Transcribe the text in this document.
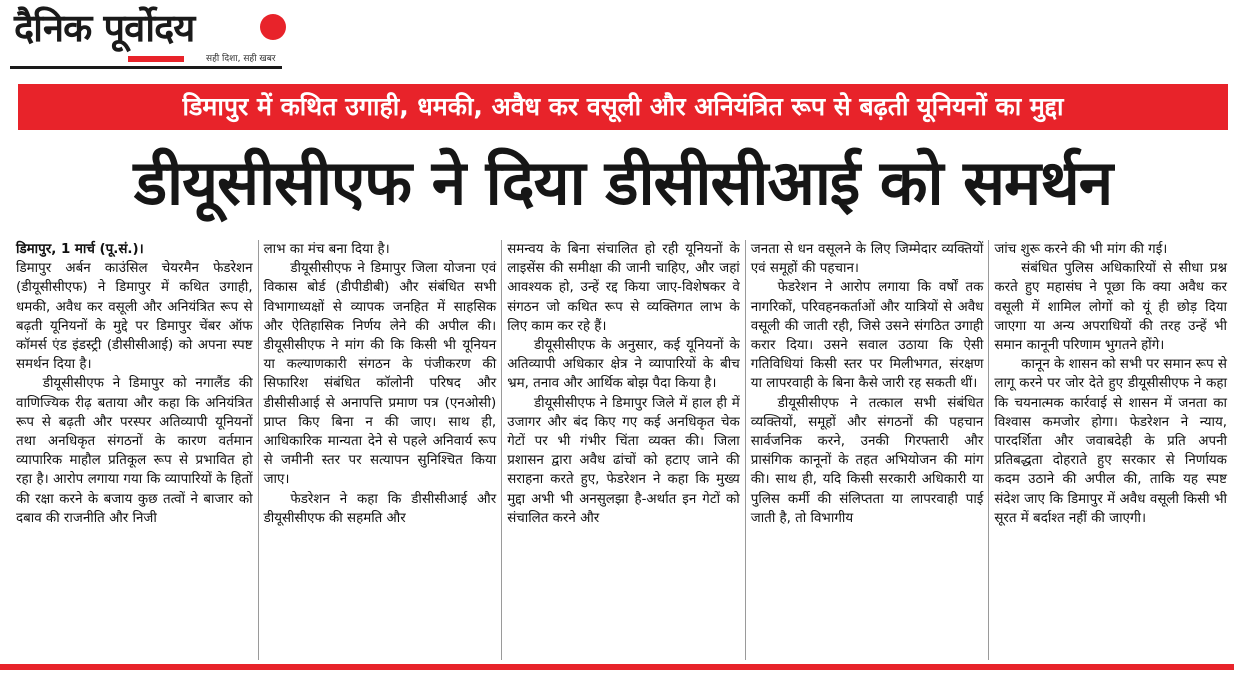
दैनिक पूर्वोदय
सही दिशा, सही खबर
डिमापुर में कथित उगाही, धमकी, अवैध कर वसूली और अनियंत्रित रूप से बढ़ती यूनियनों का मुद्दा
डीयूसीसीएफ ने दिया डीसीसीआई को समर्थन

डिमापुर, 1 मार्च (पू.सं.)।

डिमापुर अर्बन काउंसिल चेयरमैन फेडरेशन (डीयूसीसीएफ) ने डिमापुर में कथित उगाही, धमकी, अवैध कर वसूली और अनियंत्रित रूप से बढ़ती यूनियनों के मुद्दे पर डिमापुर चेंबर ऑफ कॉमर्स एंड इंडस्ट्री (डीसीसीआई) को अपना स्पष्ट समर्थन दिया है।

डीयूसीसीएफ ने डिमापुर को नगालैंड की वाणिज्यिक रीढ़ बताया और कहा कि अनियंत्रित रूप से बढ़ती और परस्पर अतिव्यापी यूनियनों तथा अनधिकृत संगठनों के कारण वर्तमान व्यापारिक माहौल प्रतिकूल रूप से प्रभावित हो रहा है। आरोप लगाया गया कि व्यापारियों के हितों की रक्षा करने के बजाय कुछ तत्वों ने बाजार को दबाव की राजनीति और निजी

लाभ का मंच बना दिया है।

डीयूसीसीएफ ने डिमापुर जिला योजना एवं विकास बोर्ड (डीपीडीबी) और संबंधित सभी विभागाध्यक्षों से व्यापक जनहित में साहसिक और ऐतिहासिक निर्णय लेने की अपील की। डीयूसीसीएफ ने मांग की कि किसी भी यूनियन या कल्याणकारी संगठन के पंजीकरण की सिफारिश संबंधित कॉलोनी परिषद और डीसीसीआई से अनापत्ति प्रमाण पत्र (एनओसी) प्राप्त किए बिना न की जाए। साथ ही, आधिकारिक मान्यता देने से पहले अनिवार्य रूप से जमीनी स्तर पर सत्यापन सुनिश्चित किया जाए।

फेडरेशन ने कहा कि डीसीसीआई और डीयूसीसीएफ की सहमति और

समन्वय के बिना संचालित हो रही यूनियनों के लाइसेंस की समीक्षा की जानी चाहिए, और जहां आवश्यक हो, उन्हें रद्द किया जाए-विशेषकर वे संगठन जो कथित रूप से व्यक्तिगत लाभ के लिए काम कर रहे हैं।

डीयूसीसीएफ के अनुसार, कई यूनियनों के अतिव्यापी अधिकार क्षेत्र ने व्यापारियों के बीच भ्रम, तनाव और आर्थिक बोझ पैदा किया है।

डीयूसीसीएफ ने डिमापुर जिले में हाल ही में उजागर और बंद किए गए कई अनधिकृत चेक गेटों पर भी गंभीर चिंता व्यक्त की। जिला प्रशासन द्वारा अवैध ढांचों को हटाए जाने की सराहना करते हुए, फेडरेशन ने कहा कि मुख्य मुद्दा अभी भी अनसुलझा है-अर्थात इन गेटों को संचालित करने और

जनता से धन वसूलने के लिए जिम्मेदार व्यक्तियों एवं समूहों की पहचान।

फेडरेशन ने आरोप लगाया कि वर्षों तक नागरिकों, परिवहनकर्ताओं और यात्रियों से अवैध वसूली की जाती रही, जिसे उसने संगठित उगाही करार दिया। उसने सवाल उठाया कि ऐसी गतिविधियां किसी स्तर पर मिलीभगत, संरक्षण या लापरवाही के बिना कैसे जारी रह सकती थीं।

डीयूसीसीएफ ने तत्काल सभी संबंधित व्यक्तियों, समूहों और संगठनों की पहचान सार्वजनिक करने, उनकी गिरफ्तारी और प्रासंगिक कानूनों के तहत अभियोजन की मांग की। साथ ही, यदि किसी सरकारी अधिकारी या पुलिस कर्मी की संलिप्तता या लापरवाही पाई जाती है, तो विभागीय

जांच शुरू करने की भी मांग की गई।

संबंधित पुलिस अधिकारियों से सीधा प्रश्न करते हुए महासंघ ने पूछा कि क्या अवैध कर वसूली में शामिल लोगों को यूं ही छोड़ दिया जाएगा या अन्य अपराधियों की तरह उन्हें भी समान कानूनी परिणाम भुगतने होंगे।

कानून के शासन को सभी पर समान रूप से लागू करने पर जोर देते हुए डीयूसीसीएफ ने कहा कि चयनात्मक कार्रवाई से शासन में जनता का विश्वास कमजोर होगा। फेडरेशन ने न्याय, पारदर्शिता और जवाबदेही के प्रति अपनी प्रतिबद्धता दोहराते हुए सरकार से निर्णायक कदम उठाने की अपील की, ताकि यह स्पष्ट संदेश जाए कि डिमापुर में अवैध वसूली किसी भी सूरत में बर्दाश्त नहीं की जाएगी।
